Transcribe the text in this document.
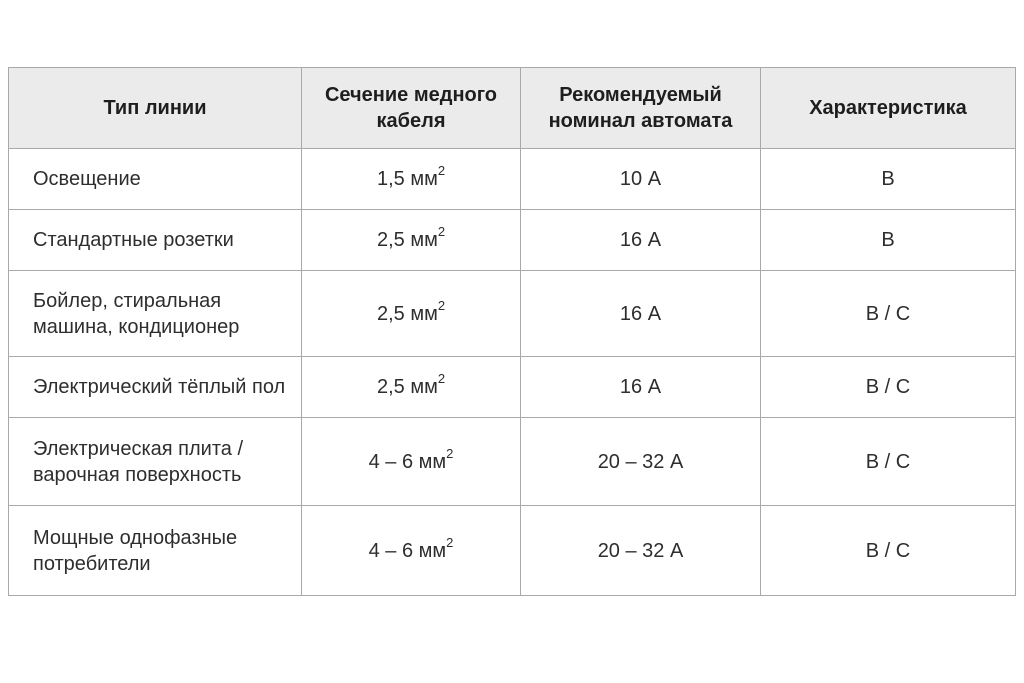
Тип линии	Сечение медного кабеля	Рекомендуемый номинал автомата	Характеристика
Освещение	1,5 $мм^2$	10 А	B
Стандартные розетки	2,5 $мм^2$	16 А	B
Бойлер, стиральная машина, кондиционер	2,5 $мм^2$	16 А	B / C
Электрический тёплый пол	2,5 $мм^2$	16 А	B / C
Электрическая плита / варочная поверхность	4 – 6 $мм^2$	20 – 32 А	B / C
Мощные однофазные потребители	4 – 6 $мм^2$	20 – 32 А	B / C
